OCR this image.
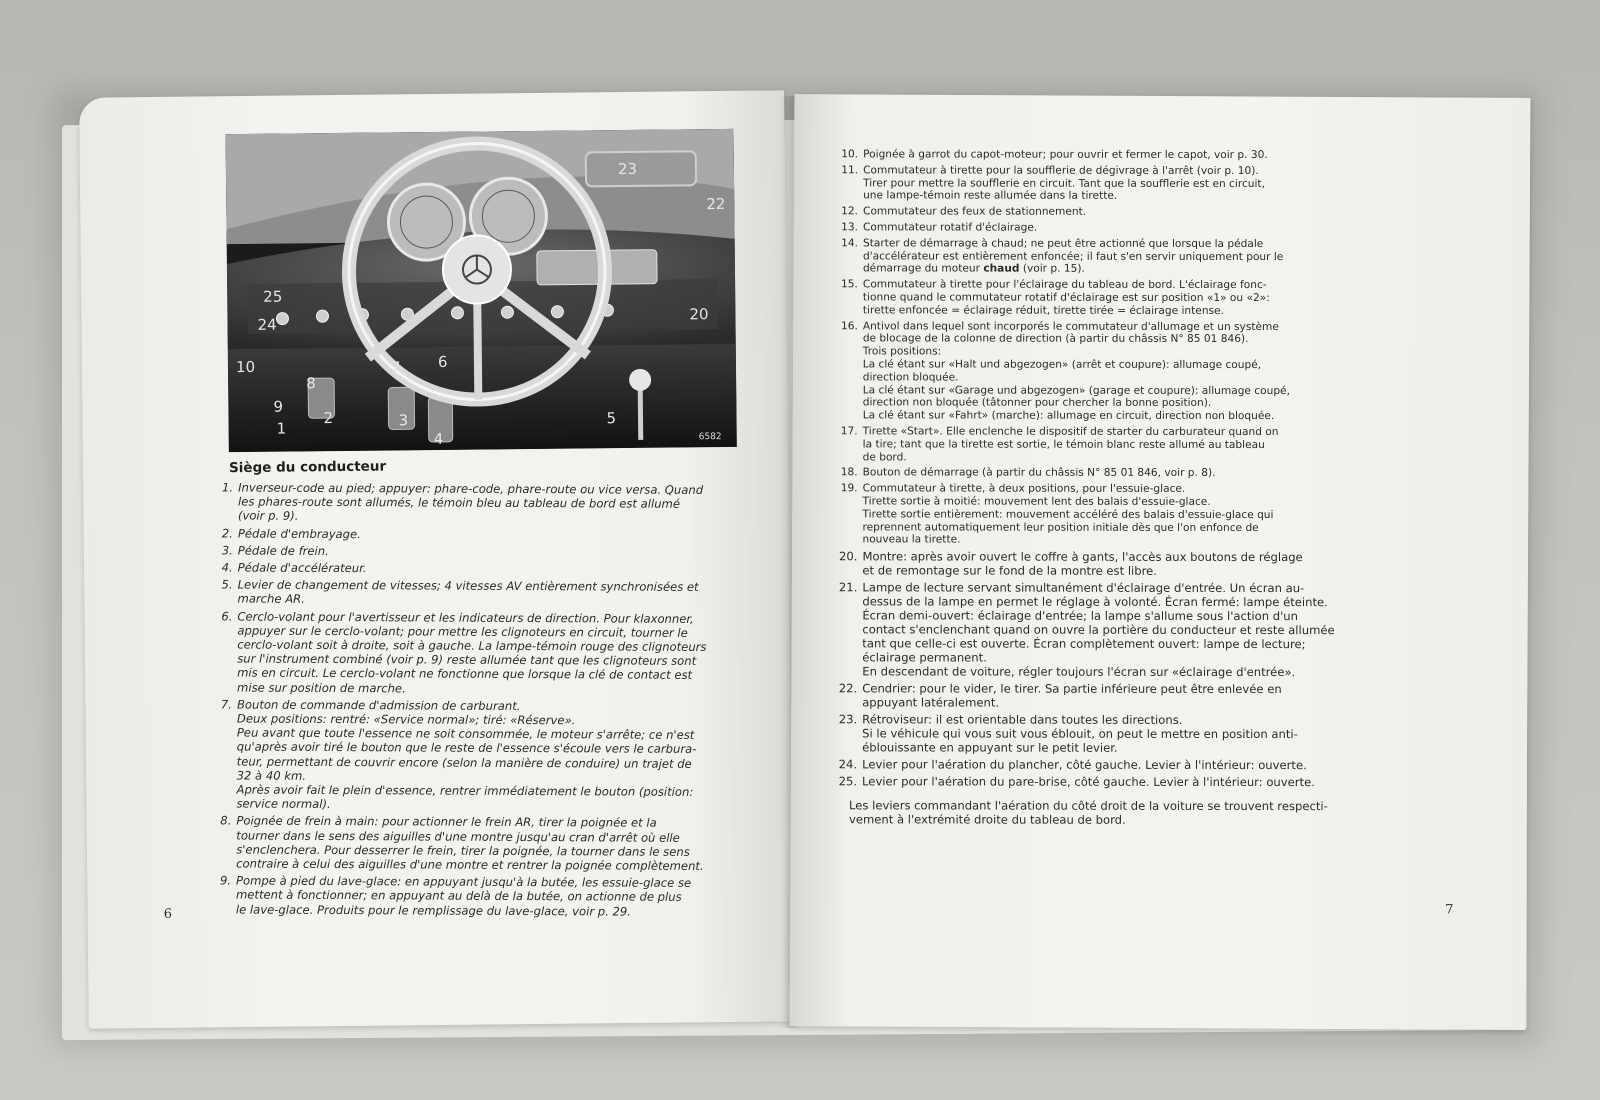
1
2	3
4
5
6
7
8
9
10
20
22
23
24
25
6582
Siège du conducteur
1. Inverseur-code au pied; appuyer: phare-code, phare-route ou vice versa. Quand
les phares-route sont allumés, le témoin bleu au tableau de bord est allumé
(voir p. 9).
2. Pédale d'embrayage.
3. Pédale de frein.
4. Pédale d'accélérateur.
5. Levier de changement de vitesses; 4 vitesses AV entièrement synchronisées et
marche AR.
6. Cerclo-volant pour l'avertisseur et les indicateurs de direction. Pour klaxonner,
appuyer sur le cerclo-volant; pour mettre les clignoteurs en circuit, tourner le
cerclo-volant soit à droite, soit à gauche. La lampe-témoin rouge des clignoteurs
sur l'instrument combiné (voir p. 9) reste allumée tant que les clignoteurs sont
mis en circuit. Le cerclo-volant ne fonctionne que lorsque la clé de contact est
mise sur position de marche.
7. Bouton de commande d'admission de carburant.
Deux positions: rentré: «Service normal»; tiré: «Réserve».
Peu avant que toute l'essence ne soit consommée, le moteur s'arrête; ce n'est
qu'après avoir tiré le bouton que le reste de l'essence s'écoule vers le carbura-
teur, permettant de couvrir encore (selon la manière de conduire) un trajet de
32 à 40 km.
Après avoir fait le plein d'essence, rentrer immédiatement le bouton (position:
service normal).
8. Poignée de frein à main: pour actionner le frein AR, tirer la poignée et la
tourner dans le sens des aiguilles d'une montre jusqu'au cran d'arrêt où elle
s'enclenchera. Pour desserrer le frein, tirer la poignée, la tourner dans le sens
contraire à celui des aiguilles d'une montre et rentrer la poignée complètement.
9. Pompe à pied du lave-glace: en appuyant jusqu'à la butée, les essuie-glace se
mettent à fonctionner; en appuyant au delà de la butée, on actionne de plus
le lave-glace. Produits pour le remplissage du lave-glace, voir p. 29.
6
10. Poignée à garrot du capot-moteur; pour ouvrir et fermer le capot, voir p. 30.
11. Commutateur à tirette pour la soufflerie de dégivrage à l'arrêt (voir p. 10).
Tirer pour mettre la soufflerie en circuit. Tant que la soufflerie est en circuit,
une lampe-témoin reste allumée dans la tirette.
12. Commutateur des feux de stationnement.
13. Commutateur rotatif d'éclairage.
14. Starter de démarrage à chaud; ne peut être actionné que lorsque la pédale
d'accélérateur est entièrement enfoncée; il faut s'en servir uniquement pour le
démarrage du moteur chaud (voir p. 15).
15. Commutateur à tirette pour l'éclairage du tableau de bord. L'éclairage fonc-
tionne quand le commutateur rotatif d'éclairage est sur position «1» ou «2»:
tirette enfoncée = éclairage réduit, tirette tirée = éclairage intense.
16. Antivol dans lequel sont incorporés le commutateur d'allumage et un système
de blocage de la colonne de direction (à partir du châssis N° 85 01 846).
Trois positions:
La clé étant sur «Halt und abgezogen» (arrêt et coupure): allumage coupé,
direction bloquée.
La clé étant sur «Garage und abgezogen» (garage et coupure): allumage coupé,
direction non bloquée (tâtonner pour chercher la bonne position).
La clé étant sur «Fahrt» (marche): allumage en circuit, direction non bloquée.
17. Tirette «Start». Elle enclenche le dispositif de starter du carburateur quand on
la tire; tant que la tirette est sortie, le témoin blanc reste allumé au tableau
de bord.
18. Bouton de démarrage (à partir du châssis N° 85 01 846, voir p. 8).
19. Commutateur à tirette, à deux positions, pour l'essuie-glace.
Tirette sortie à moitié: mouvement lent des balais d'essuie-glace.
Tirette sortie entièrement: mouvement accéléré des balais d'essuie-glace qui
reprennent automatiquement leur position initiale dès que l'on enfonce de
nouveau la tirette.
20. Montre: après avoir ouvert le coffre à gants, l'accès aux boutons de réglage
et de remontage sur le fond de la montre est libre.
21. Lampe de lecture servant simultanément d'éclairage d'entrée. Un écran au-
dessus de la lampe en permet le réglage à volonté. Écran fermé: lampe éteinte.
Écran demi-ouvert: éclairage d'entrée; la lampe s'allume sous l'action d'un
contact s'enclenchant quand on ouvre la portière du conducteur et reste allumée
tant que celle-ci est ouverte. Écran complètement ouvert: lampe de lecture;
éclairage permanent.
En descendant de voiture, régler toujours l'écran sur «éclairage d'entrée».
22. Cendrier: pour le vider, le tirer. Sa partie inférieure peut être enlevée en
appuyant latéralement.
23. Rétroviseur: il est orientable dans toutes les directions.
Si le véhicule qui vous suit vous éblouit, on peut le mettre en position anti-
éblouissante en appuyant sur le petit levier.
24. Levier pour l'aération du plancher, côté gauche. Levier à l'intérieur: ouverte.
25. Levier pour l'aération du pare-brise, côté gauche. Levier à l'intérieur: ouverte.
Les leviers commandant l'aération du côté droit de la voiture se trouvent respecti-
vement à l'extrémité droite du tableau de bord.
7
